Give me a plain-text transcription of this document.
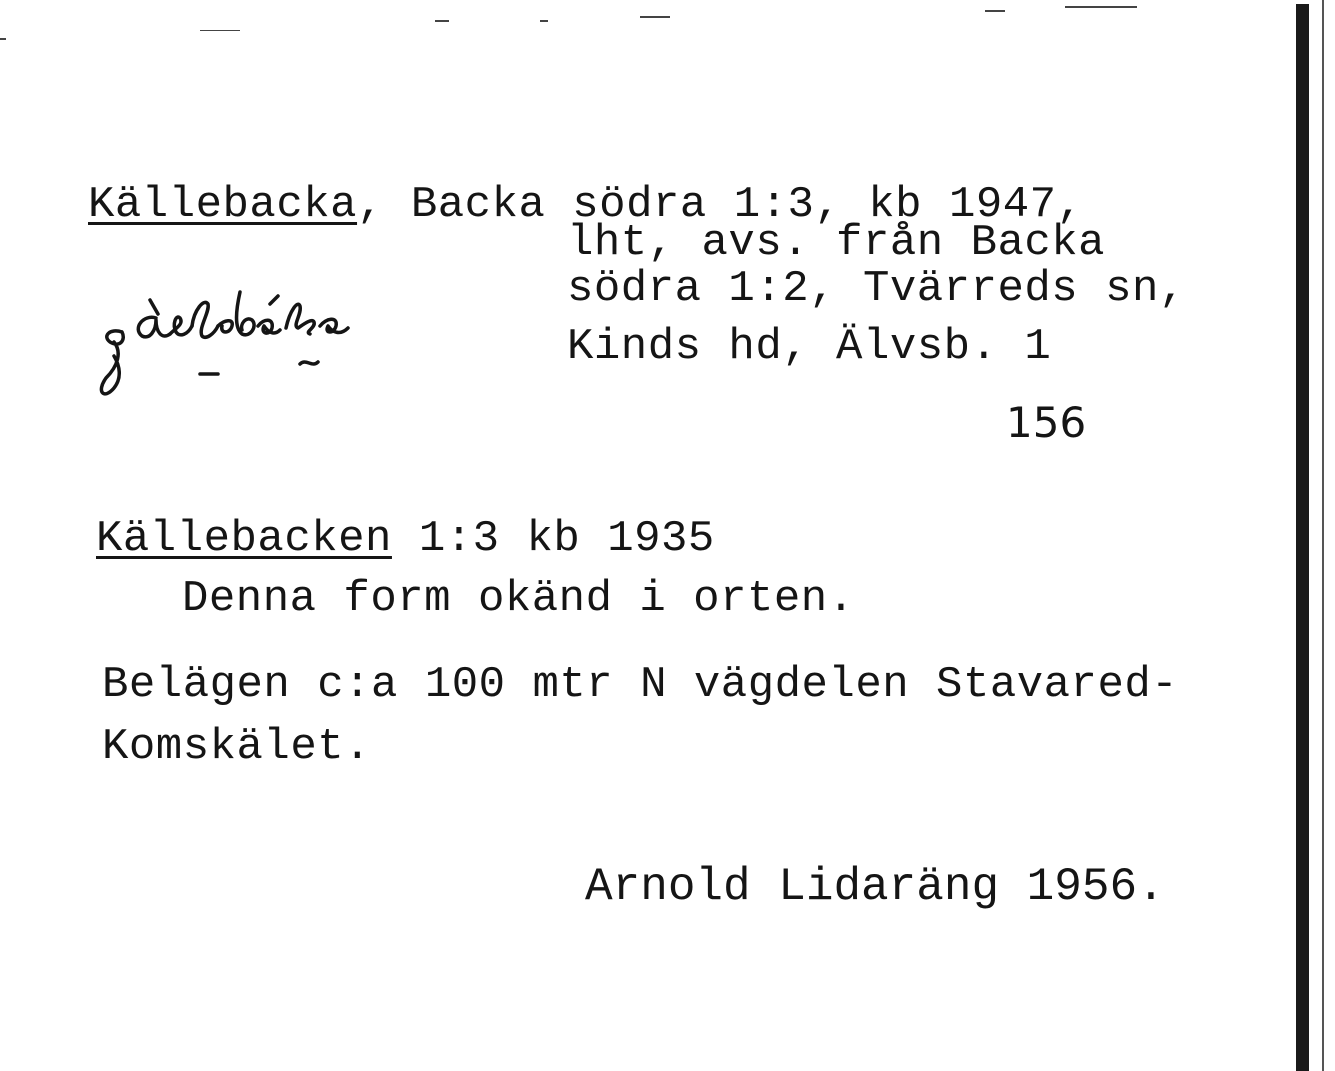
Källebacka, Backa södra 1:3, kb 1947,
lht, avs. från Backa
södra 1:2, Tvärreds sn,
Kinds hd, Älvsb. 1
156
Källebacken 1:3 kb 1935
Denna form okänd i orten.
Belägen c:a 100 mtr N vägdelen Stavared-
Komskälet.
Arnold Lidaräng 1956.
